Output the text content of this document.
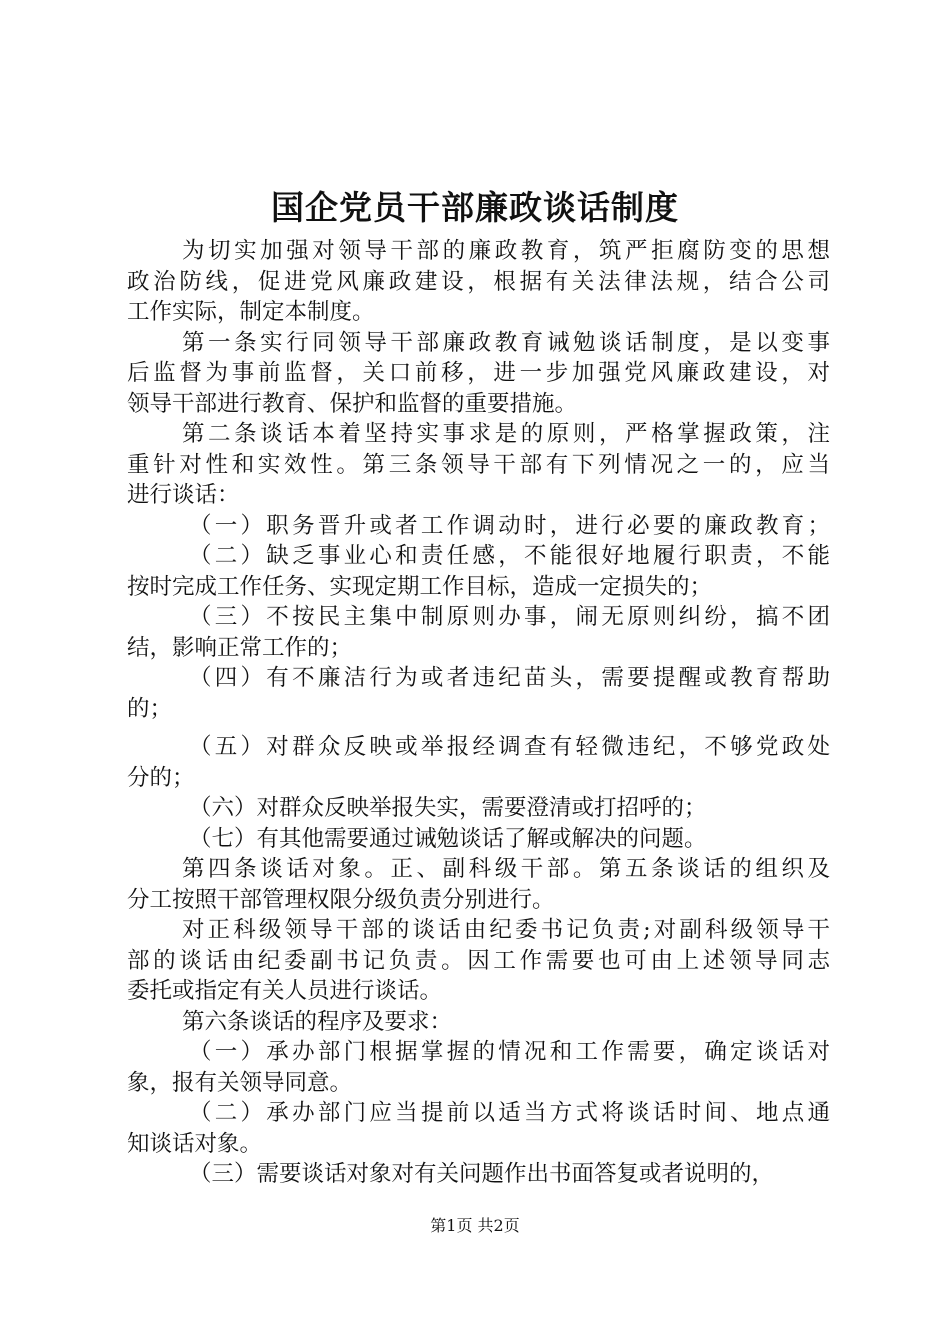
国企党员干部廉政谈话制度
为切实加强对领导干部的廉政教育，筑严拒腐防变的思想
政治防线，促进党风廉政建设，根据有关法律法规，结合公司
工作实际，制定本制度。
第一条实行同领导干部廉政教育诫勉谈话制度，是以变事
后监督为事前监督，关口前移，进一步加强党风廉政建设，对
领导干部进行教育、保护和监督的重要措施。
第二条谈话本着坚持实事求是的原则，严格掌握政策，注
重针对性和实效性。第三条领导干部有下列情况之一的，应当
进行谈话：
（一）职务晋升或者工作调动时，进行必要的廉政教育；
（二）缺乏事业心和责任感，不能很好地履行职责，不能
按时完成工作任务、实现定期工作目标，造成一定损失的；
（三）不按民主集中制原则办事，闹无原则纠纷，搞不团
结，影响正常工作的；
（四）有不廉洁行为或者违纪苗头，需要提醒或教育帮助
的；
（五）对群众反映或举报经调查有轻微违纪，不够党政处
分的；
（六）对群众反映举报失实，需要澄清或打招呼的；
（七）有其他需要通过诫勉谈话了解或解决的问题。
第四条谈话对象。正、副科级干部。第五条谈话的组织及
分工按照干部管理权限分级负责分别进行。
对正科级领导干部的谈话由纪委书记负责;对副科级领导干
部的谈话由纪委副书记负责。因工作需要也可由上述领导同志
委托或指定有关人员进行谈话。
第六条谈话的程序及要求：
（一）承办部门根据掌握的情况和工作需要，确定谈话对
象，报有关领导同意。
（二）承办部门应当提前以适当方式将谈话时间、地点通
知谈话对象。
（三）需要谈话对象对有关问题作出书面答复或者说明的，
第1页 共2页
